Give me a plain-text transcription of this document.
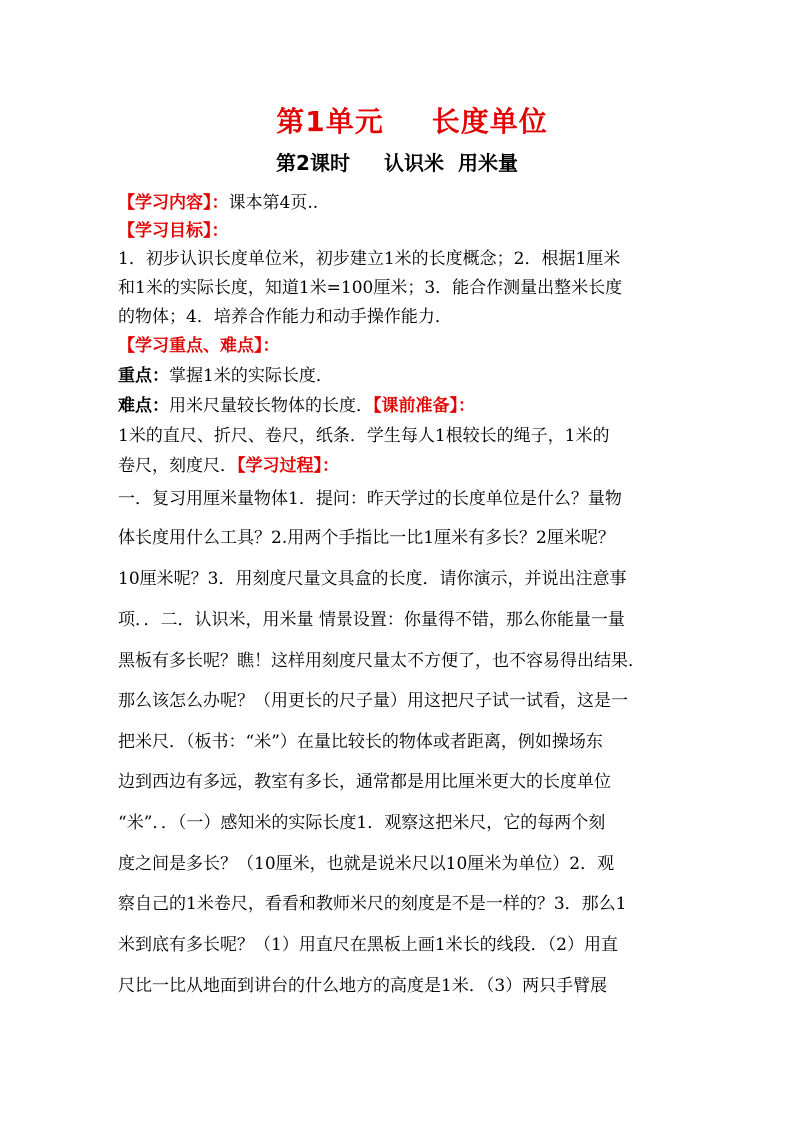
第1单元 长度单位
第2课时 认识米 用米量
【学习内容】：课本第4页..
【学习目标】：
1．初步认识长度单位米，初步建立1米的长度概念；2．根据1厘米
和1米的实际长度，知道1米=100厘米；3．能合作测量出整米长度
的物体；4．培养合作能力和动手操作能力．
【学习重点、难点】：
重点：掌握1米的实际长度．
难点：用米尺量较长物体的长度．【课前准备】：
1米的直尺、折尺、卷尺，纸条．学生每人1根较长的绳子，1米的
卷尺，刻度尺．【学习过程】：
一．复习用厘米量物体1．提问：昨天学过的长度单位是什么？量物
体长度用什么工具？2.用两个手指比一比1厘米有多长？2厘米呢？
10厘米呢？3．用刻度尺量文具盒的长度．请你演示，并说出注意事
项．．二．认识米，用米量 情景设置：你量得不错，那么你能量一量
黑板有多长呢？瞧！这样用刻度尺量太不方便了，也不容易得出结果．
那么该怎么办呢？（用更长的尺子量）用这把尺子试一试看，这是一
把米尺．（板书：“米”）在量比较长的物体或者距离，例如操场东
边到西边有多远，教室有多长，通常都是用比厘米更大的长度单位
“米”．．（一）感知米的实际长度1．观察这把米尺，它的每两个刻
度之间是多长？（10厘米，也就是说米尺以10厘米为单位）2．观
察自己的1米卷尺，看看和教师米尺的刻度是不是一样的？3．那么1
米到底有多长呢？（1）用直尺在黑板上画1米长的线段．（2）用直
尺比一比从地面到讲台的什么地方的高度是1米．（3）两只手臂展
